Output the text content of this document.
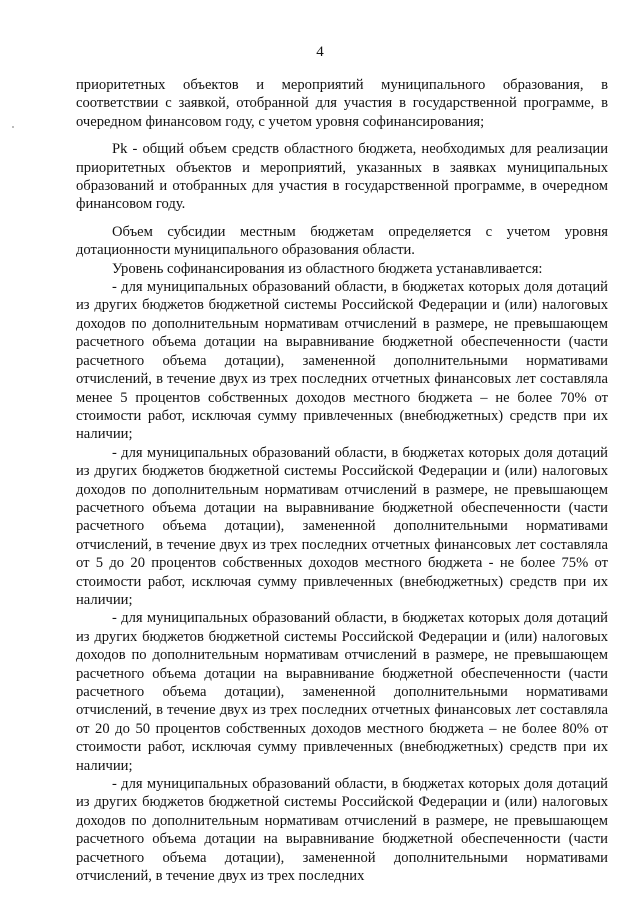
4

приоритетных объектов и мероприятий муниципального образования, в соответствии с заявкой, отобранной для участия в государственной программе, в очередном финансовом году, с учетом уровня софинансирования;

Pk - общий объем средств областного бюджета, необходимых для реализации приоритетных объектов и мероприятий, указанных в заявках муниципальных образований и отобранных для участия в государственной программе, в очередном финансовом году.

Объем субсидии местным бюджетам определяется с учетом уровня дотационности муниципального образования области.

Уровень софинансирования из областного бюджета устанавливается:

- для муниципальных образований области, в бюджетах которых доля дотаций из других бюджетов бюджетной системы Российской Федерации и (или) налоговых доходов по дополнительным нормативам отчислений в размере, не превышающем расчетного объема дотации на выравнивание бюджетной обеспеченности (части расчетного объема дотации), замененной дополнительными нормативами отчислений, в течение двух из трех последних отчетных финансовых лет составляла менее 5 процентов собственных доходов местного бюджета – не более 70% от стоимости работ, исключая сумму привлеченных (внебюджетных) средств при их наличии;

- для муниципальных образований области, в бюджетах которых доля дотаций из других бюджетов бюджетной системы Российской Федерации и (или) налоговых доходов по дополнительным нормативам отчислений в размере, не превышающем расчетного объема дотации на выравнивание бюджетной обеспеченности (части расчетного объема дотации), замененной дополнительными нормативами отчислений, в течение двух из трех последних отчетных финансовых лет составляла от 5 до 20 процентов собственных доходов местного бюджета - не более 75% от стоимости работ, исключая сумму привлеченных (внебюджетных) средств при их наличии;

- для муниципальных образований области, в бюджетах которых доля дотаций из других бюджетов бюджетной системы Российской Федерации и (или) налоговых доходов по дополнительным нормативам отчислений в размере, не превышающем расчетного объема дотации на выравнивание бюджетной обеспеченности (части расчетного объема дотации), замененной дополнительными нормативами отчислений, в течение двух из трех последних отчетных финансовых лет составляла от 20 до 50 процентов собственных доходов местного бюджета – не более 80% от стоимости работ, исключая сумму привлеченных (внебюджетных) средств при их наличии;

- для муниципальных образований области, в бюджетах которых доля дотаций из других бюджетов бюджетной системы Российской Федерации и (или) налоговых доходов по дополнительным нормативам отчислений в размере, не превышающем расчетного объема дотации на выравнивание бюджетной обеспеченности (части расчетного объема дотации), замененной дополнительными нормативами отчислений, в течение двух из трех последних
